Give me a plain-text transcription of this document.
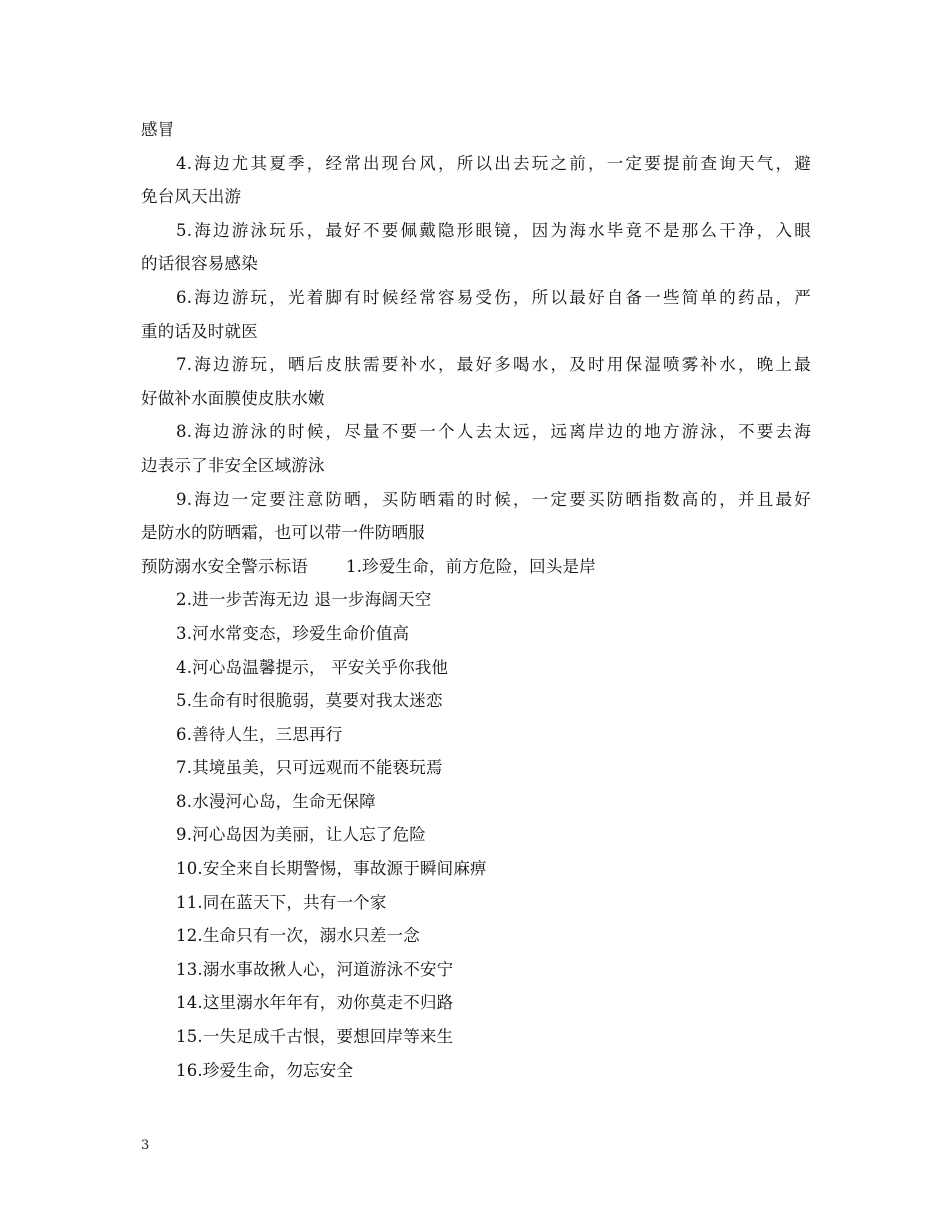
感冒
4.海边尤其夏季，经常出现台风，所以出去玩之前，一定要提前查询天气，避
免台风天出游
5.海边游泳玩乐，最好不要佩戴隐形眼镜，因为海水毕竟不是那么干净，入眼
的话很容易感染
6.海边游玩，光着脚有时候经常容易受伤，所以最好自备一些简单的药品，严
重的话及时就医
7.海边游玩，晒后皮肤需要补水，最好多喝水，及时用保湿喷雾补水，晚上最
好做补水面膜使皮肤水嫩
8.海边游泳的时候，尽量不要一个人去太远，远离岸边的地方游泳，不要去海
边表示了非安全区域游泳
9.海边一定要注意防晒，买防晒霜的时候，一定要买防晒指数高的，并且最好
是防水的防晒霜，也可以带一件防晒服
预防溺水安全警示标语 1.珍爱生命，前方危险，回头是岸
2.进一步苦海无边 退一步海阔天空
3.河水常变态，珍爱生命价值高
4.河心岛温馨提示， 平安关乎你我他
5.生命有时很脆弱，莫要对我太迷恋
6.善待人生，三思再行
7.其境虽美，只可远观而不能亵玩焉
8.水漫河心岛，生命无保障
9.河心岛因为美丽，让人忘了危险
10.安全来自长期警惕，事故源于瞬间麻痹
11.同在蓝天下，共有一个家
12.生命只有一次，溺水只差一念
13.溺水事故揪人心，河道游泳不安宁
14.这里溺水年年有，劝你莫走不归路
15.一失足成千古恨，要想回岸等来生
16.珍爱生命，勿忘安全
3
